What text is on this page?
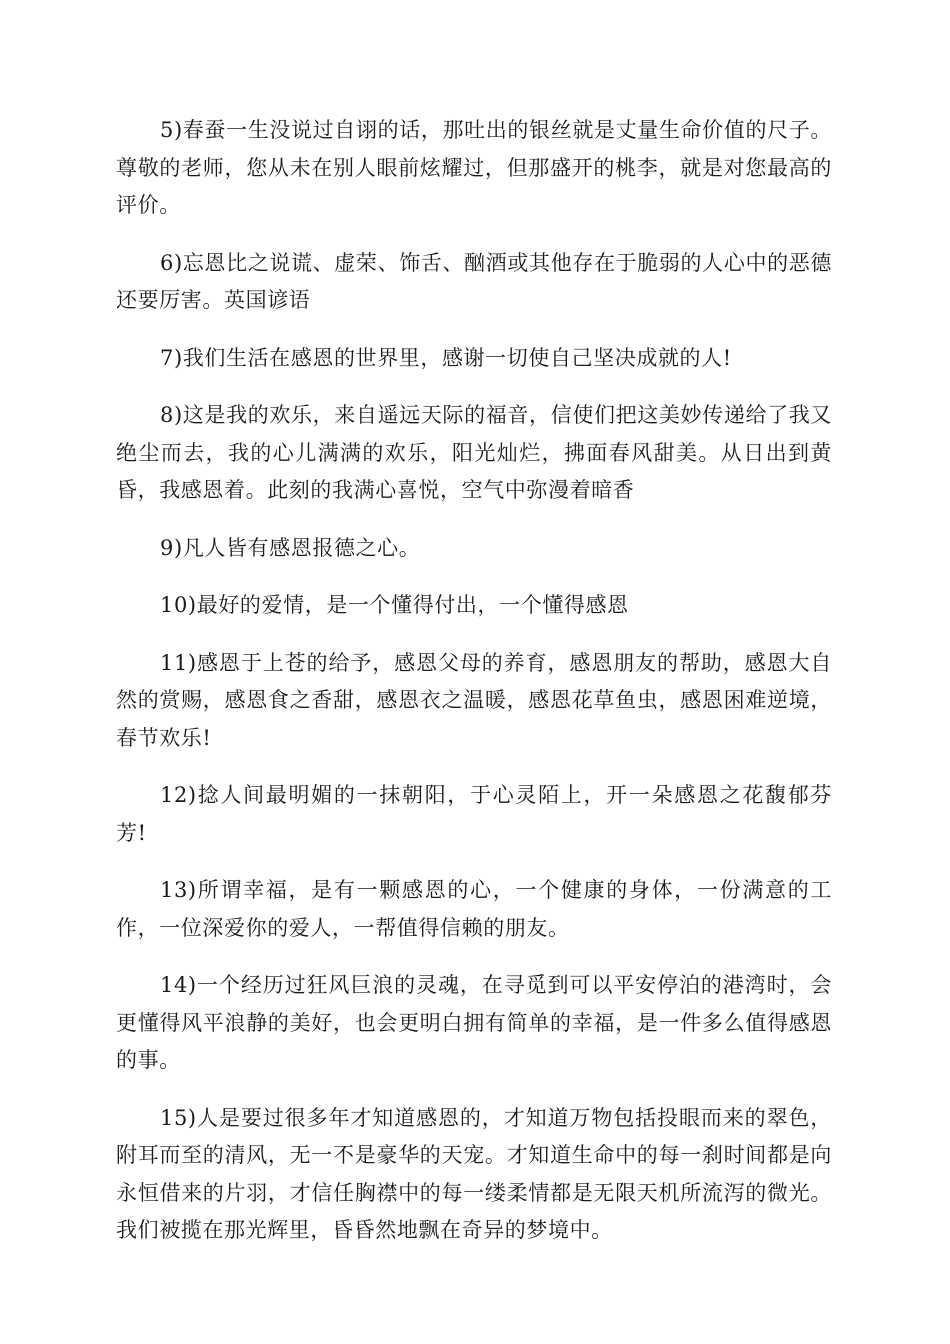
5)春蚕一生没说过自诩的话，那吐出的银丝就是丈量生命价值的尺子。尊敬的老师，您从未在别人眼前炫耀过，但那盛开的桃李，就是对您最高的评价。

6)忘恩比之说谎、虚荣、饰舌、酗酒或其他存在于脆弱的人心中的恶德还要厉害。英国谚语

7)我们生活在感恩的世界里，感谢一切使自己坚决成就的人!

8)这是我的欢乐，来自遥远天际的福音，信使们把这美妙传递给了我又绝尘而去，我的心儿满满的欢乐，阳光灿烂，拂面春风甜美。从日出到黄昏，我感恩着。此刻的我满心喜悦，空气中弥漫着暗香

9)凡人皆有感恩报德之心。

10)最好的爱情，是一个懂得付出，一个懂得感恩

11)感恩于上苍的给予，感恩父母的养育，感恩朋友的帮助，感恩大自然的赏赐，感恩食之香甜，感恩衣之温暖，感恩花草鱼虫，感恩困难逆境，春节欢乐!

12)捻人间最明媚的一抹朝阳，于心灵陌上，开一朵感恩之花馥郁芬芳!

13)所谓幸福，是有一颗感恩的心，一个健康的身体，一份满意的工作，一位深爱你的爱人，一帮值得信赖的朋友。

14)一个经历过狂风巨浪的灵魂，在寻觅到可以平安停泊的港湾时，会更懂得风平浪静的美好，也会更明白拥有简单的幸福，是一件多么值得感恩的事。

15)人是要过很多年才知道感恩的，才知道万物包括投眼而来的翠色，附耳而至的清风，无一不是豪华的天宠。才知道生命中的每一刹时间都是向永恒借来的片羽，才信任胸襟中的每一缕柔情都是无限天机所流泻的微光。我们被揽在那光辉里，昏昏然地飘在奇异的梦境中。
